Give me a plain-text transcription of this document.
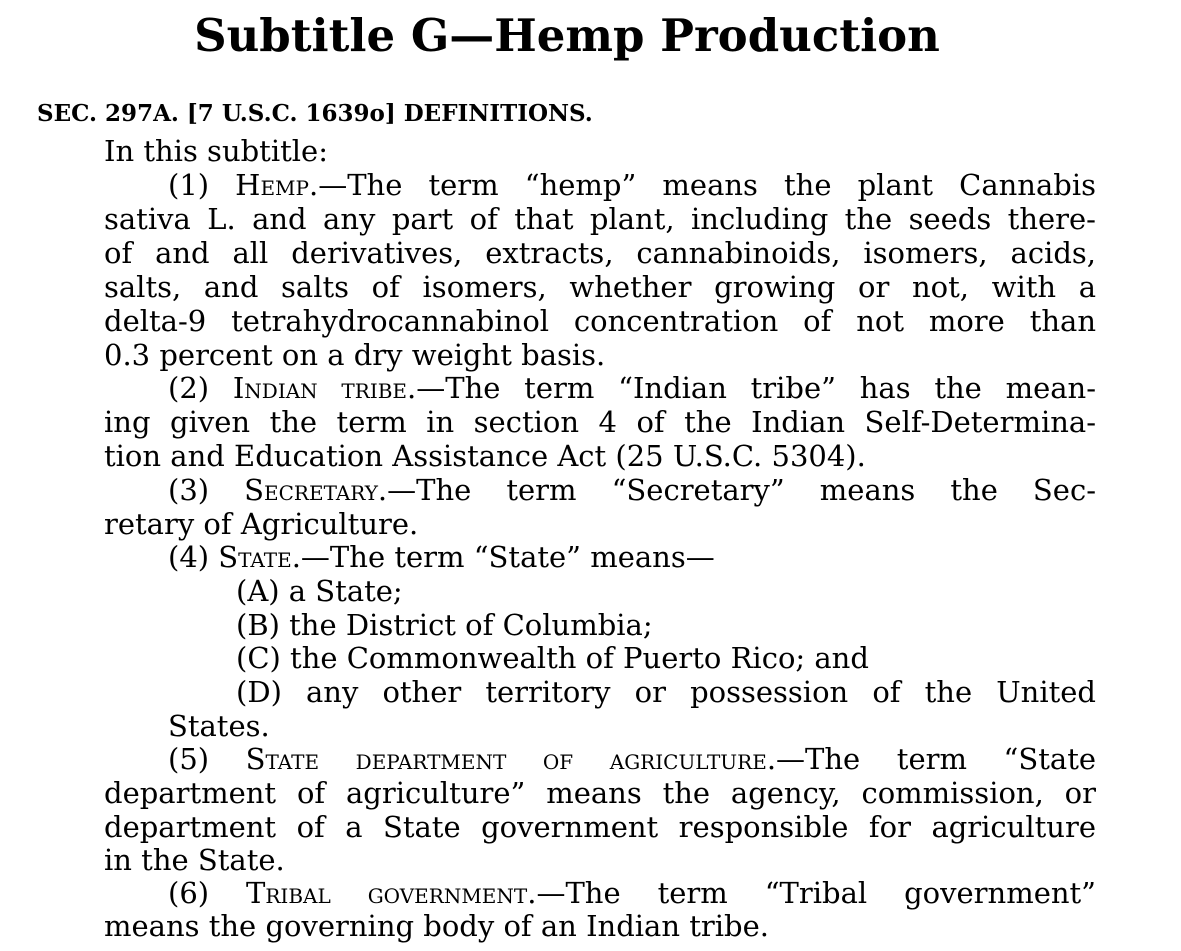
Subtitle G—Hemp Production
SEC. 297A. [7 U.S.C. 1639o] DEFINITIONS.
In this subtitle:
(1) Hemp.—The term “hemp” means the plant Cannabis
sativa L. and any part of that plant, including the seeds there-
of and all derivatives, extracts, cannabinoids, isomers, acids,
salts, and salts of isomers, whether growing or not, with a
delta-9 tetrahydrocannabinol concentration of not more than
0.3 percent on a dry weight basis.
(2) Indian tribe.—The term “Indian tribe” has the mean-
ing given the term in section 4 of the Indian Self-Determina-
tion and Education Assistance Act (25 U.S.C. 5304).
(3) Secretary.—The term “Secretary” means the Sec-
retary of Agriculture.
(4) State.—The term “State” means—
(A) a State;
(B) the District of Columbia;
(C) the Commonwealth of Puerto Rico; and
(D) any other territory or possession of the United
States.
(5) State department of agriculture.—The term “State
department of agriculture” means the agency, commission, or
department of a State government responsible for agriculture
in the State.
(6) Tribal government.—The term “Tribal government”
means the governing body of an Indian tribe.
